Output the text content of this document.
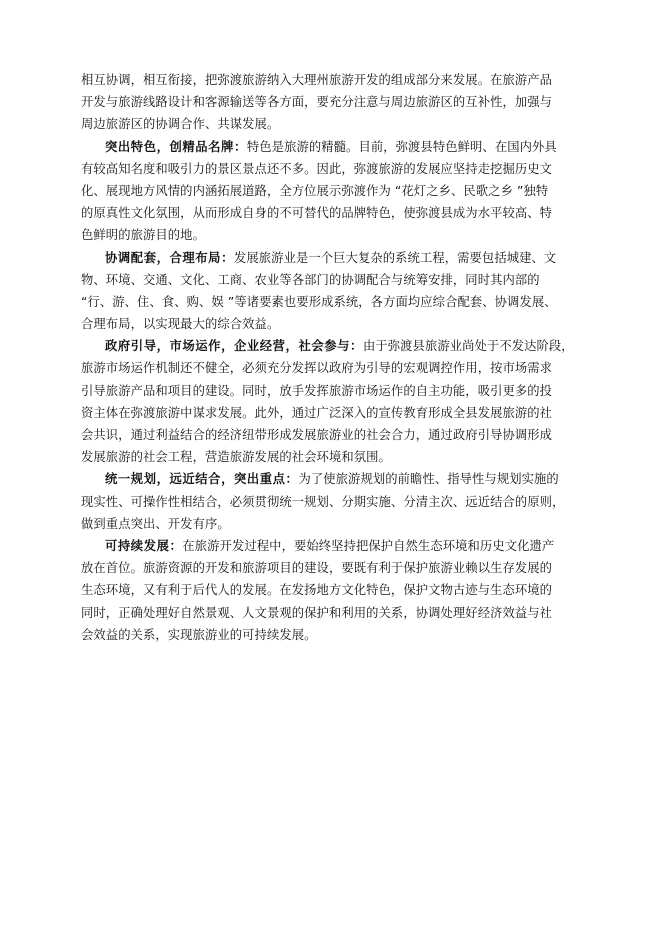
相互协调，相互衔接，把弥渡旅游纳入大理州旅游开发的组成部分来发展。在旅游产品
开发与旅游线路设计和客源输送等各方面，要充分注意与周边旅游区的互补性，加强与
周边旅游区的协调合作、共谋发展。
突出特色，创精品名牌：特色是旅游的精髓。目前，弥渡县特色鲜明、在国内外具
有较高知名度和吸引力的景区景点还不多。因此，弥渡旅游的发展应坚持走挖掘历史文
化、展现地方风情的内涵拓展道路，全方位展示弥渡作为 “花灯之乡、民歌之乡 ”独特
的原真性文化氛围，从而形成自身的不可替代的品牌特色，使弥渡县成为水平较高、特
色鲜明的旅游目的地。
协调配套，合理布局：发展旅游业是一个巨大复杂的系统工程，需要包括城建、文
物、环境、交通、文化、工商、农业等各部门的协调配合与统筹安排，同时其内部的
“行、游、住、食、购、娱 ”等诸要素也要形成系统，各方面均应综合配套、协调发展、
合理布局，以实现最大的综合效益。
政府引导，市场运作，企业经营，社会参与：由于弥渡县旅游业尚处于不发达阶段，
旅游市场运作机制还不健全，必须充分发挥以政府为引导的宏观调控作用，按市场需求
引导旅游产品和项目的建设。同时，放手发挥旅游市场运作的自主功能，吸引更多的投
资主体在弥渡旅游中谋求发展。此外，通过广泛深入的宣传教育形成全县发展旅游的社
会共识，通过利益结合的经济纽带形成发展旅游业的社会合力，通过政府引导协调形成
发展旅游的社会工程，营造旅游发展的社会环境和氛围。
统一规划，远近结合，突出重点：为了使旅游规划的前瞻性、指导性与规划实施的
现实性、可操作性相结合，必须贯彻统一规划、分期实施、分清主次、远近结合的原则，
做到重点突出、开发有序。
可持续发展：在旅游开发过程中，要始终坚持把保护自然生态环境和历史文化遗产
放在首位。旅游资源的开发和旅游项目的建设，要既有利于保护旅游业赖以生存发展的
生态环境，又有利于后代人的发展。在发扬地方文化特色，保护文物古迹与生态环境的
同时，正确处理好自然景观、人文景观的保护和利用的关系，协调处理好经济效益与社
会效益的关系，实现旅游业的可持续发展。
